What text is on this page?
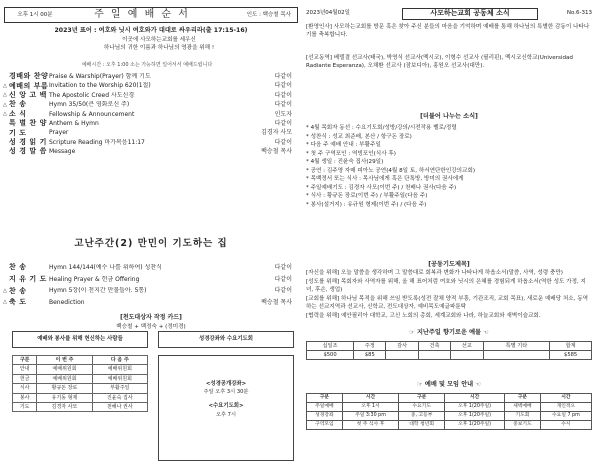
오후 1시 00분	주 일 예 배 순 서	인도 : 백승철 목사
2023년 표어 : 여호와 닛시 여호와가 대대로 싸우리라(출 17:15-16)
이곳에 사모하는교회를 세우신
하나님의 귀한 이름과 하나님의 영광을 위해 !
예배시간 : 오후 1:00 소는 가능하면 일어서서 예배드립니다
경배와 찬양 Praise & Warship(Prayer) 함께 기도	다같이
△ 예배의 부름 Invitation to the Worship 620(1절)	다같이
△ 신 앙 고 백 The Apostolic Creed 사도신경	다같이
△ 찬 송	Hymn 35/50(큰 영화로신 주)	다같이
△ 소 식	Fellowship & Announcement	인도자
특 별 찬 양 Anthem & Hymn	다같이
기 도	Prayer	김경자 사모
성 경 읽 기 Scripture Reading 마가복음11:17	다같이
성 경 말 씀 Message	백승철 목사
고난주간(2) 만민이 기도하는 집
찬 송	Hymn 144/144(예수 나를 위하여) 성찬식	다같이
지 유 기 도 Healing Prayer & 헌금 Offering	다같이
△ 찬 송	Hymn 5장(이 천지간 만물들아. 5통)	다같이
△ 축 도	Benediction	백승철 목사
[천도대상자 작정 카드]
백승철 + 백정숙 + (정미경)
예배와 봉사를 위해 헌신하는 사람들	성경강좌와 수요기도회
구분	이 번 주	다 음 주
안내	예배위원회	예배위원회
헌금	예배위원회	예배위원회
식사	황규돈 장로	부활주일
봉사	유기동 형제	진윤숙 집사
기도	김경자 사모	천해나 권사
<성경공개강좌>
주일 오후 3시 30분
<수요기도회>
오후 7시
2023년04월02일	사모하는교회 공동체 소식	No.6-313
[환영인사] 사모하는교회를 방문 혹은 찾아 주신 분들의 마음을 기억하며 예배를 통해 하나님의 특별한 감동이 나타나기를 축복합니다.
[선교동역] 베델결 선교사(태국), 박영식 선교사(멕시코), 이형수 선교사 (필리핀), 멕시코신학교(Universidad Radiante Esperanza), 오채환 선교사 (잠보디아), 홍원오 선교사(대만).
[더불어 나누는 소식]
* 4월 목회자 동선 : 수요기도회/성방/강의/시전작용 벨로/정렬
* 성찬식 : 성교 최준배, 본산 / 항구돈 장로)
* 다음 주 예배 안내 : 부활주일
* 첫 주 구역포인 : 역빙포인(식사 후)
* 4월 생일 : 진윤숙 집사(29일)
* 공연 : 김주영 자매 피아노 공연(4월 8일 토, 하서연단한인강의교회)
* 목백정서 또는 식사 : 목사님에게 혹은 단톡방, 방미의 권사에게
* 주일예배기도 : 김경자 사모(이번 주) / 천배나 권사(다음 주)
* 식사 : 황규돈 장로(이번 주) / 부활주일(다음 주)
* 봉사(설거지) : 유규원 형제(이번 주) / (다음 주)
[공동기도제목]

[자신을 위해] 오늘 말씀을 생각하며 그 말씀대로 회복과 변화가 나타나게 하옵소서(말씀, 사역, 성령 충만)

[성도를 위해] 목회자와 사역자를 위해, 올 해 표어처럼 여호와 닛시의 은혜를 경험되게 하옵소서(역한 성도 가정, 지녀, 후손, 생업)

[교회를 위해] 하나님 목적을 위해 쓰임 받도록(성전 잘채 양적 부흥, 기관조직, 교회 목표), 새로운 예배당 처소, 동역하는 선교지역과 선교사, 신학교, 전도대상자, 예비목도예글파툰탁

[협력을 위해] 예안필리아 대학교, 고신 노회의 총회, 세계교회와 나라, 하늘교회와 새벽이슬교회.

☞ 지난주일 향기로운 예물 ☜
십일조	주정	감사	건축	선교	특별 기타	합계
$500	$85					$585
☞ 예배 및 모임 안내 ☜
구분	시간	구분	시간	구분	시간
주일예배	오후 1시	수요기도	오후 1(20주일)	새벽예배	개인적으
성경강좌	주일 3:30 pm	중, 고등부	오후 1(20주일)	기도회	수요일 7 pm
구역모임	첫 주 식사 후	대학 청년회	오후 1(20주일)	중보기도	수시
